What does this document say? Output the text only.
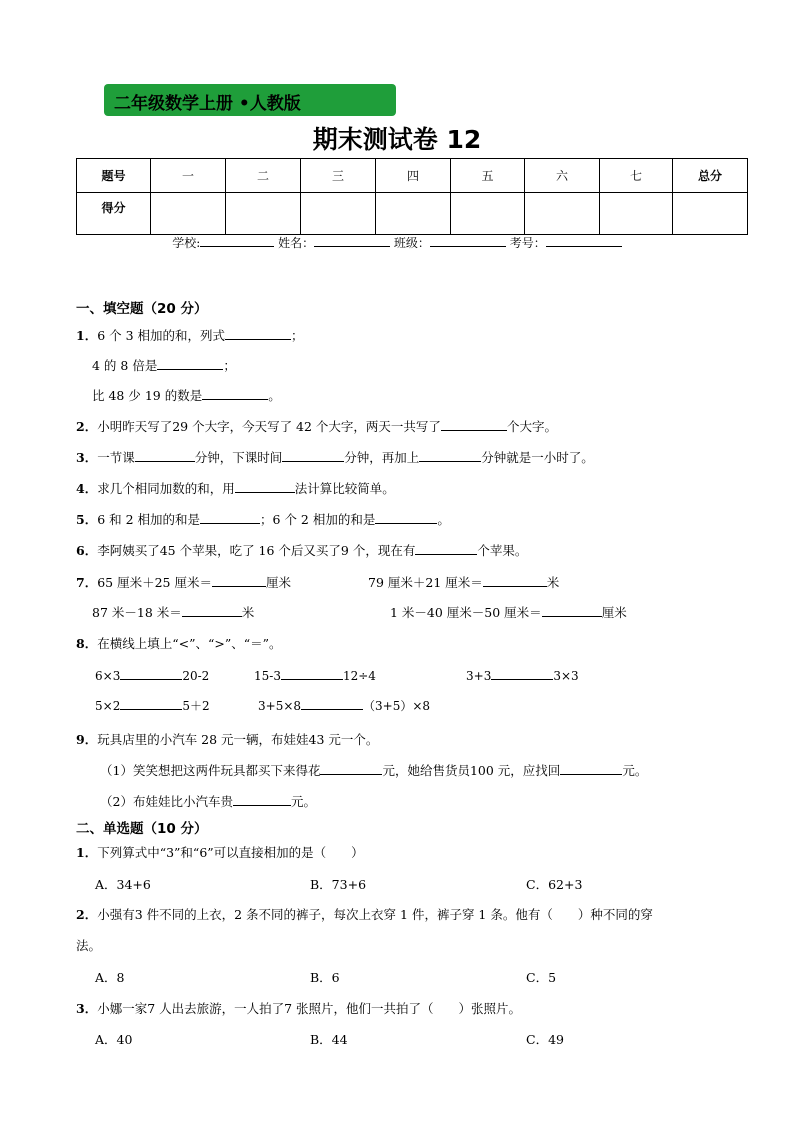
二年级数学上册 •人教版
期末测试卷 12
题号	一	二	三	四	五	六	七	总分
得分								
学校:	姓名：	班级：	考号：
一、填空题（20 分）
1．6 个 3 相加的和，列式	；
4 的 8 倍是	；
比 48 少 19 的数是	。
2．小明昨天写了29 个大字，今天写了 42 个大字，两天一共写了	个大字。
3．一节课	分钟，下课时间	分钟，再加上	分钟就是一小时了。
4．求几个相同加数的和，用	法计算比较简单。
5．6 和 2 相加的和是	；6 个 2 相加的和是	。
6．李阿姨买了45 个苹果，吃了 16 个后又买了9 个，现在有	个苹果。
7．65 厘米＋25 厘米＝	厘米	79 厘米＋21 厘米＝	米
87 米－18 米＝	米	1 米－40 厘米－50 厘米＝	厘米
8．在横线上填上“<”、“>”、“＝”。
6×3	20-2	15-3	12÷4	3+3	3×3
5×2	5＋2	3+5×8	（3+5）×8
9．玩具店里的小汽车 28 元一辆，布娃娃43 元一个。
（1）笑笑想把这两件玩具都买下来得花	元，她给售货员100 元，应找回	元。
（2）布娃娃比小汽车贵	元。
二、单选题（10 分）
1．下列算式中“3”和“6”可以直接相加的是（　　）
A．34+6	B．73+6	C．62+3
2．小强有3 件不同的上衣，2 条不同的裤子，每次上衣穿 1 件，裤子穿 1 条。他有（　　）种不同的穿
法。
A．8	B．6	C．5
3．小娜一家7 人出去旅游，一人拍了7 张照片，他们一共拍了（　　）张照片。
A．40	B．44	C．49
